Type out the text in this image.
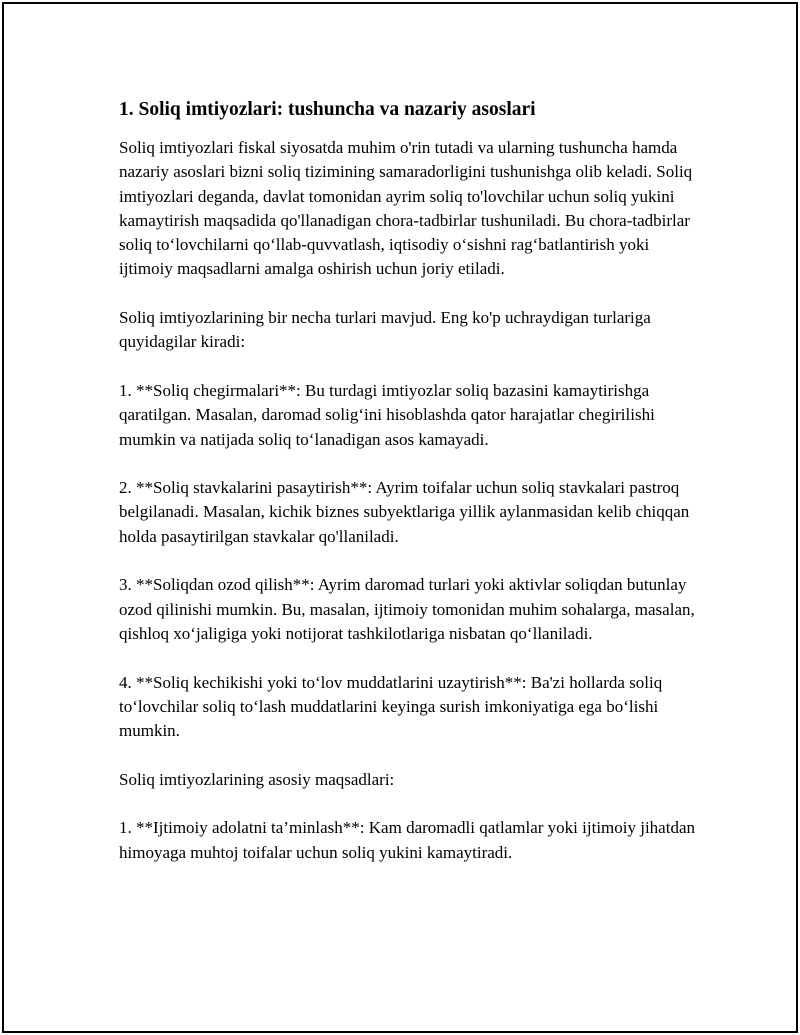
1. Soliq imtiyozlari: tushuncha va nazariy asoslari

Soliq imtiyozlari fiskal siyosatda muhim o'rin tutadi va ularning tushuncha hamda nazariy asoslari bizni soliq tizimining samaradorligini tushunishga olib keladi. Soliq imtiyozlari deganda, davlat tomonidan ayrim soliq to'lovchilar uchun soliq yukini kamaytirish maqsadida qo'llanadigan chora-tadbirlar tushuniladi. Bu chora-tadbirlar soliq to‘lovchilarni qo‘llab-quvvatlash, iqtisodiy o‘sishni rag‘batlantirish yoki ijtimoiy maqsadlarni amalga oshirish uchun joriy etiladi.

Soliq imtiyozlarining bir necha turlari mavjud. Eng ko'p uchraydigan turlariga quyidagilar kiradi:

1. **Soliq chegirmalari**: Bu turdagi imtiyozlar soliq bazasini kamaytirishga qaratilgan. Masalan, daromad solig‘ini hisoblashda qator harajatlar chegirilishi mumkin va natijada soliq to‘lanadigan asos kamayadi.

2. **Soliq stavkalarini pasaytirish**: Ayrim toifalar uchun soliq stavkalari pastroq belgilanadi. Masalan, kichik biznes subyektlariga yillik aylanmasidan kelib chiqqan holda pasaytirilgan stavkalar qo'llaniladi.

3. **Soliqdan ozod qilish**: Ayrim daromad turlari yoki aktivlar soliqdan butunlay ozod qilinishi mumkin. Bu, masalan, ijtimoiy tomonidan muhim sohalarga, masalan, qishloq xo‘jaligiga yoki notijorat tashkilotlariga nisbatan qo‘llaniladi.

4. **Soliq kechikishi yoki to‘lov muddatlarini uzaytirish**: Ba'zi hollarda soliq to‘lovchilar soliq to‘lash muddatlarini keyinga surish imkoniyatiga ega bo‘lishi mumkin.

Soliq imtiyozlarining asosiy maqsadlari:

1. **Ijtimoiy adolatni ta’minlash**: Kam daromadli qatlamlar yoki ijtimoiy jihatdan himoyaga muhtoj toifalar uchun soliq yukini kamaytiradi.
